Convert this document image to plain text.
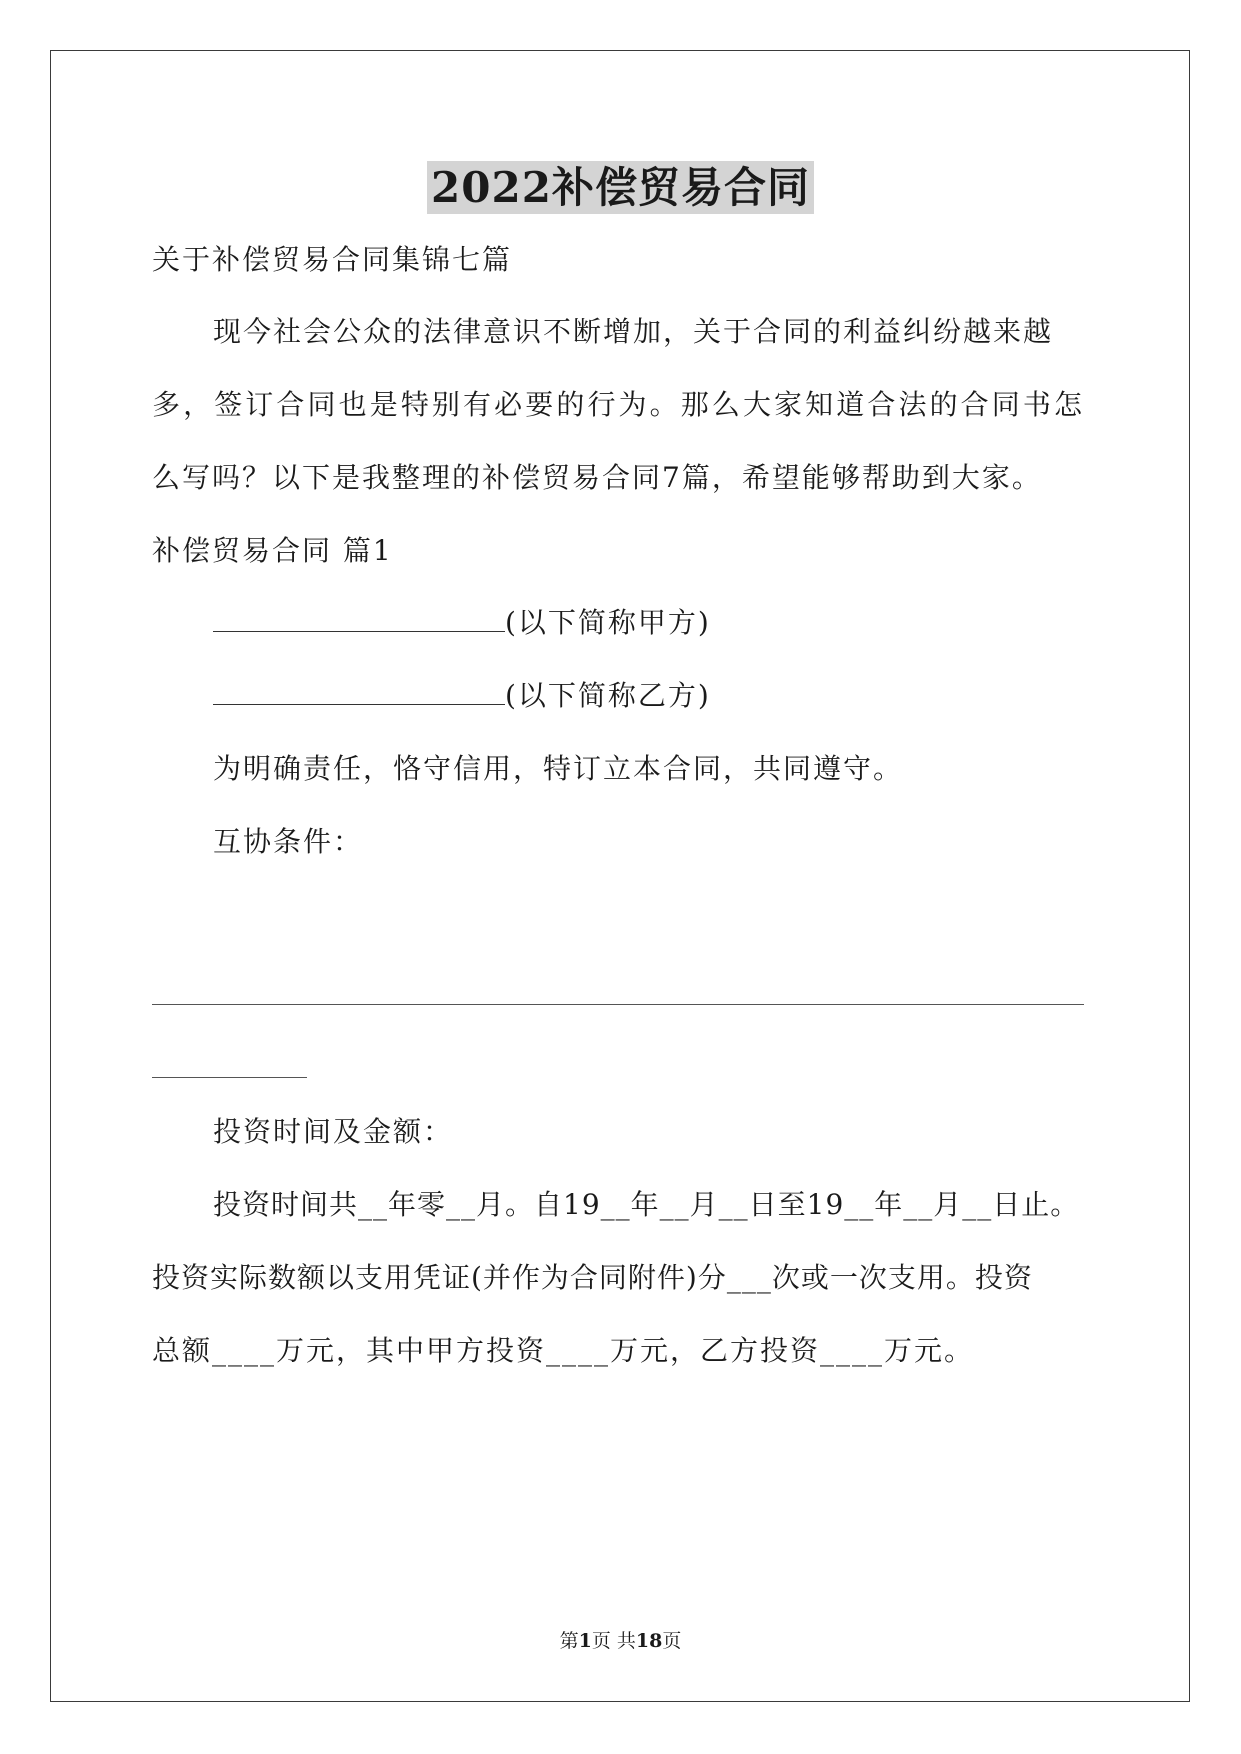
2022补偿贸易合同
关于补偿贸易合同集锦七篇
现今社会公众的法律意识不断增加，关于合同的利益纠纷越来越
多，签订合同也是特别有必要的行为。那么大家知道合法的合同书怎
么写吗？以下是我整理的补偿贸易合同7篇，希望能够帮助到大家。
补偿贸易合同 篇1
(以下简称甲方)
(以下简称乙方)
为明确责任，恪守信用，特订立本合同，共同遵守。
互协条件：
投资时间及金额：
投资时间共__年零__月。自19__年__月__日至19__年__月__日止。
投资实际数额以支用凭证(并作为合同附件)分___次或一次支用。投资
总额____万元，其中甲方投资____万元，乙方投资____万元。
第1页 共18页
